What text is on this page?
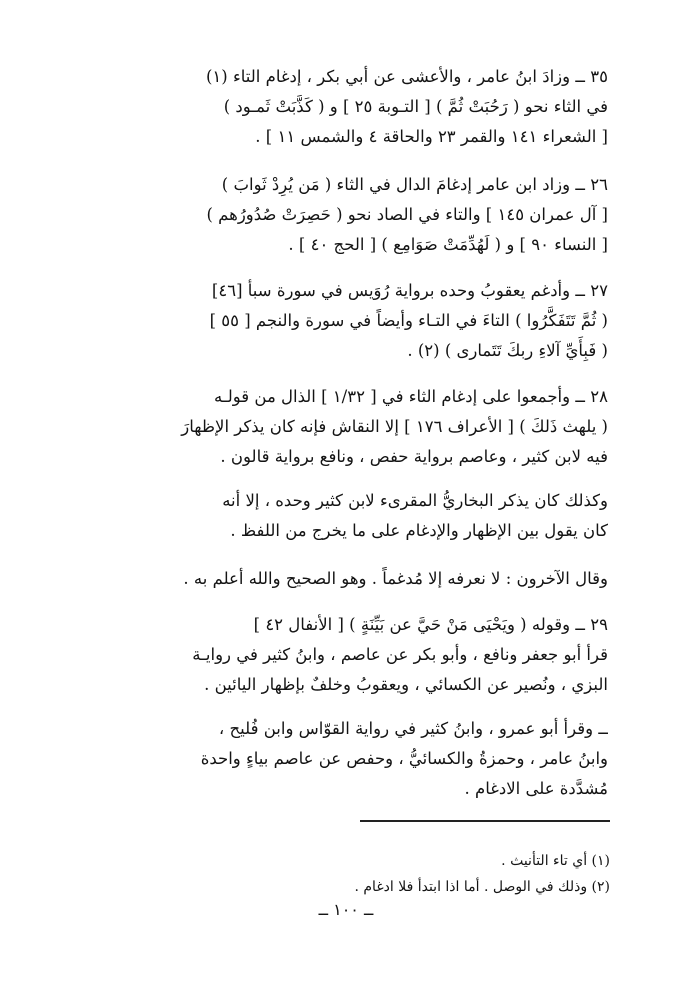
٣٥ ــ وزادَ ابنُ عامر ، والأعشى عن أبي بكر ، إدغام التاء (١)
في الثاء نحو ( رَحُبَتْ ثُمَّ ) [ التـوبة ٢٥ ] و ( كَذَّبَتْ ثَمـود )
[ الشعراء ١٤١ والقمر ٢٣ والحاقة ٤ والشمس ١١ ] .
٢٦ ــ وزاد ابن عامر إدغامَ الدال في الثاء ( مَن يُرِدْ ثَوابَ )
[ آل عمران ١٤٥ ] والتاء في الصاد نحو ( حَصِرَتْ صُدُورُهم )
[ النساء ٩٠ ] و ( لَهُدِّمَتْ صَوَامِع ) [ الحج ٤٠ ] .
٢٧ ــ وأدغم يعقوبُ وحده برواية رُوَيس في سورة سبأ [٤٦]
( ثُمَّ تَتَفَكَّرُوا ) التاءَ في التـاء وأيضاً في سورة والنجم [ ٥٥ ]
( فَبِأَيِّ آلاءِ ربكَ تَتَمارى ) (٢) .
٢٨ ــ وأجمعوا على إدغام الثاء في [ ١/٣٢ ] الذال من قولـه
( يلهث ذَلكَ ) [ الأعراف ١٧٦ ] إلا النقاش فإنه كان يذكر الإظهارَ
فيه لابن كثير ، وعاصم برواية حفص ، ونافع برواية قالون .
وكذلك كان يذكر البخاريُّ المقرىء لابن كثير وحده ، إلا أنه
كان يقول بين الإظهار والإدغام على ما يخرج من اللفظ .
وقال الآخرون : لا نعرفه إلا مُدغماً . وهو الصحيح والله أعلم به .
٢٩ ــ وقوله ( ويَحْيَى مَنْ حَيَّ عن بَيِّنَةٍ ) [ الأنفال ٤٢ ]
قرأ أبو جعفر ونافع ، وأبو بكر عن عاصم ، وابنُ كثير في روايـة
البزي ، ونُصير عن الكسائي ، ويعقوبُ وخلفٌ بإظهار اليائين .
ــ وقرأ أبو عمرو ، وابنُ كثير في رواية القوّاس وابن فُليح ،
وابنُ عامر ، وحمزةُ والكسائيُّ ، وحفص عن عاصم بياءٍ واحدة
مُشدَّدة على الادغام .
(١) أي تاء التأنيث .
(٢) وذلك في الوصل . أما اذا ابتدأ فلا ادغام .
ــ ١٠٠ ــ
